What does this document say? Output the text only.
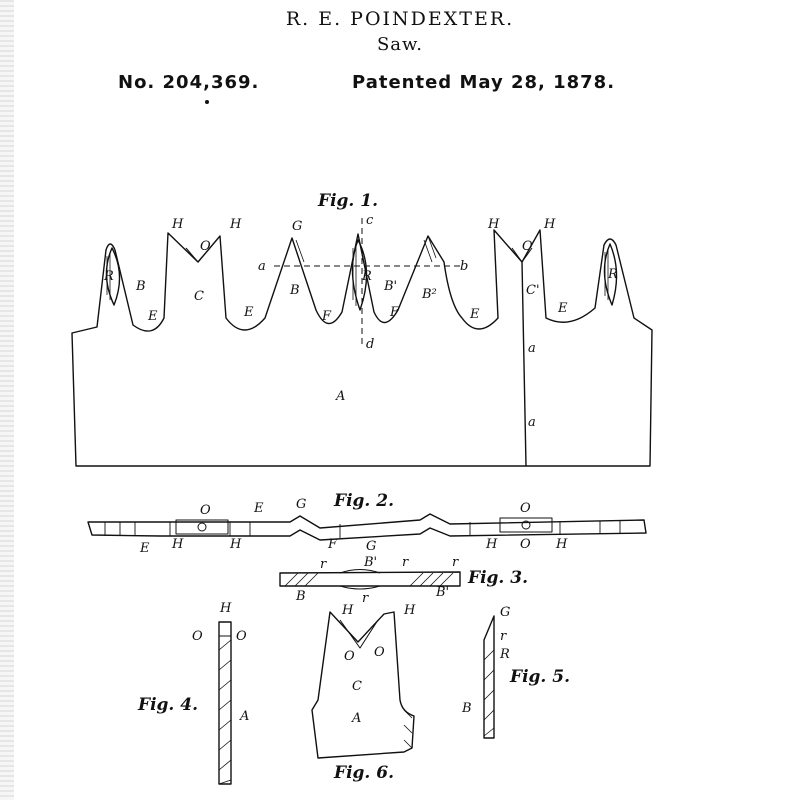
R. E. POINDEXTER.
Saw.
No. 204,369.	Patented May 28, 1878.
Fig. 1.
Fig. 2.
Fig. 3.
Fig. 4.
Fig. 5.
Fig. 6.
H	H
O
G	c	H	H
O
a	b
R
B
C	B
R
B'
B²	C'
R
E	E	F	F	E	E
d	a
A
a
O	E	G	O
E H	H	F G	H O H
r	B' r	r
B	r	B'
H
O	O
A
G
r
R
B
H	H
O O
C
A
